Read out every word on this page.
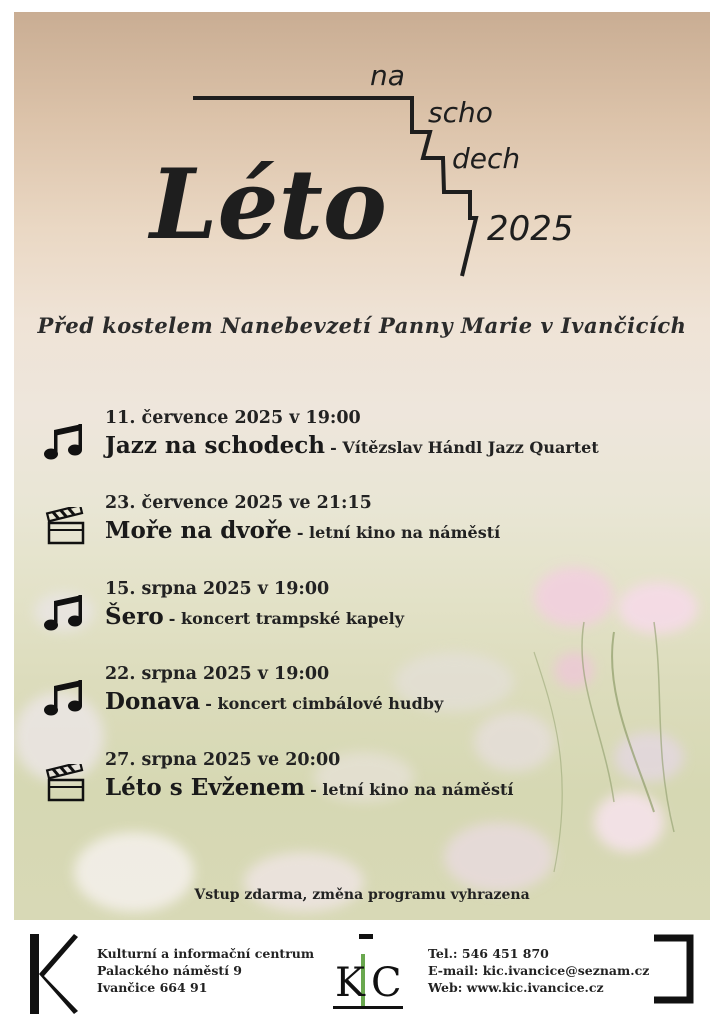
Léto
na
scho
dech
2025
Před kostelem Nanebevzetí Panny Marie v Ivančicích
11. července 2025 v 19:00
Jazz na schodech - Vítězslav Hándl Jazz Quartet
23. července 2025 ve 21:15
Moře na dvoře - letní kino na náměstí
15. srpna 2025 v 19:00
Šero - koncert trampské kapely
22. srpna 2025 v 19:00
Donava - koncert cimbálové hudby
27. srpna 2025 ve 20:00
Léto s Evženem - letní kino na náměstí
Vstup zdarma, změna programu vyhrazena
Kulturní a informační centrum
Palackého náměstí 9
Ivančice 664 91	K C
Tel.: 546 451 870
E-mail: kic.ivancice@seznam.cz
Web: www.kic.ivancice.cz
